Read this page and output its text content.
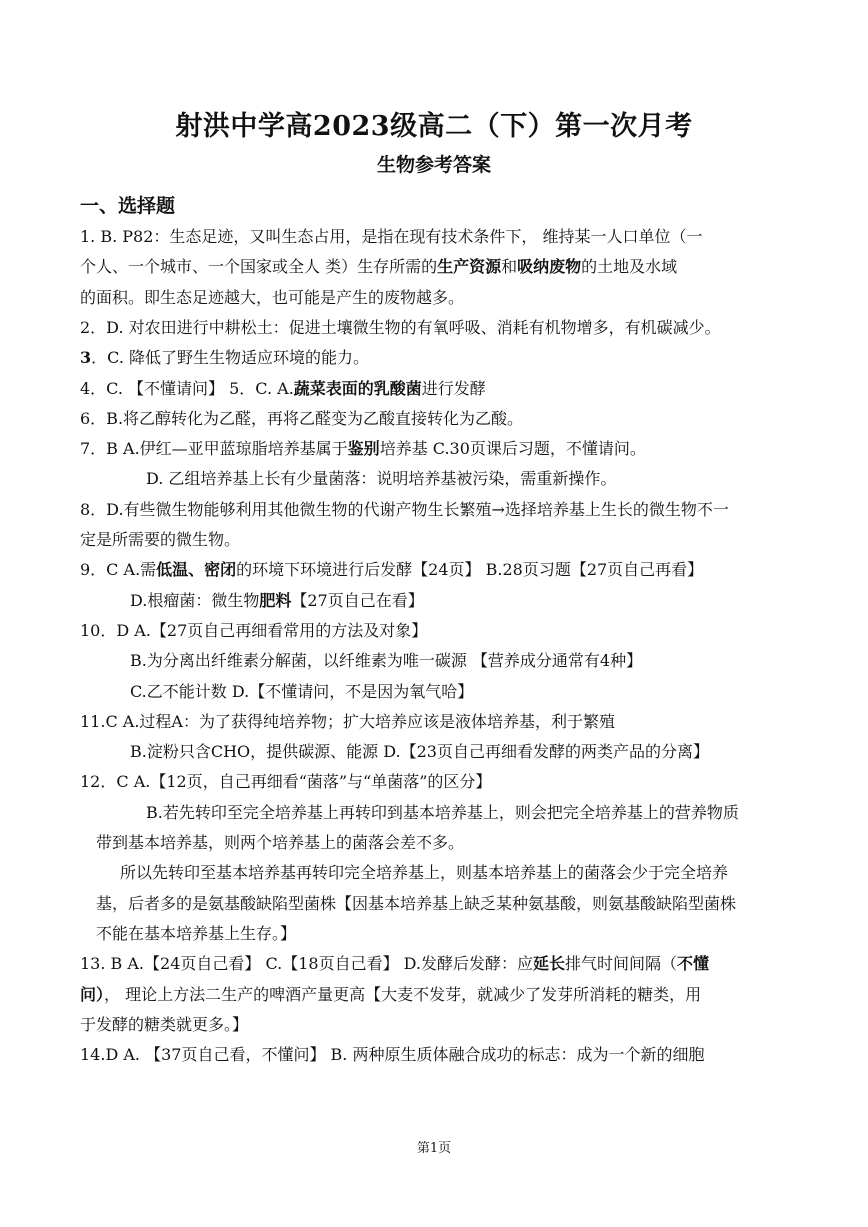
射洪中学高2023级高二（下）第一次月考
生物参考答案
一、选择题
1. B. P82：生态足迹，又叫生态占用，是指在现有技术条件下， 维持某一人口单位（一
个人、一个城市、一个国家或全人 类）生存所需的生产资源和吸纳废物的土地及水域
的面积。即生态足迹越大，也可能是产生的废物越多。
2．D. 对农田进行中耕松土：促进土壤微生物的有氧呼吸、消耗有机物增多，有机碳减少。
3．C. 降低了野生生物适应环境的能力。
4．C. 【不懂请问】 5．C. A.蔬菜表面的乳酸菌进行发酵
6．B.将乙醇转化为乙醛，再将乙醛变为乙酸直接转化为乙酸。
7．B A.伊红—亚甲蓝琼脂培养基属于鉴别培养基 C.30页课后习题，不懂请问。
D. 乙组培养基上长有少量菌落：说明培养基被污染，需重新操作。
8．D.有些微生物能够利用其他微生物的代谢产物生长繁殖→选择培养基上生长的微生物不一
定是所需要的微生物。
9．C A.需低温、密闭的环境下环境进行后发酵【24页】 B.28页习题【27页自己再看】
D.根瘤菌：微生物肥料【27页自己在看】
10．D A.【27页自己再细看常用的方法及对象】
B.为分离出纤维素分解菌，以纤维素为唯一碳源 【营养成分通常有4种】
C.乙不能计数 D.【不懂请问，不是因为氧气哈】
11.C A.过程A：为了获得纯培养物；扩大培养应该是液体培养基，利于繁殖
B.淀粉只含CHO，提供碳源、能源 D.【23页自己再细看发酵的两类产品的分离】
12．C A.【12页，自己再细看“菌落”与“单菌落”的区分】
B.若先转印至完全培养基上再转印到基本培养基上，则会把完全培养基上的营养物质
带到基本培养基，则两个培养基上的菌落会差不多。
所以先转印至基本培养基再转印完全培养基上，则基本培养基上的菌落会少于完全培养
基，后者多的是氨基酸缺陷型菌株【因基本培养基上缺乏某种氨基酸，则氨基酸缺陷型菌株
不能在基本培养基上生存。】
13. B A.【24页自己看】 C.【18页自己看】 D.发酵后发酵：应延长排气时间间隔（不懂
问）， 理论上方法二生产的啤酒产量更高【大麦不发芽，就减少了发芽所消耗的糖类，用
于发酵的糖类就更多。】
14.D A. 【37页自己看，不懂问】 B. 两种原生质体融合成功的标志：成为一个新的细胞
第1页
